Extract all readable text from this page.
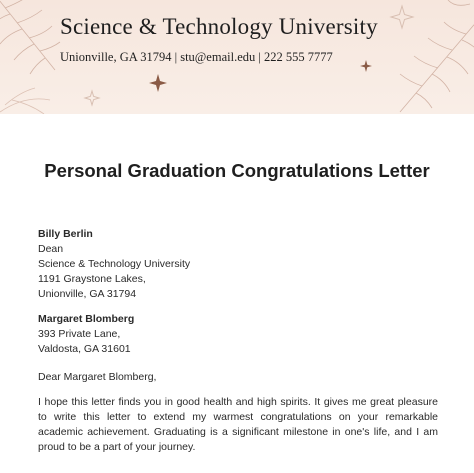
Science & Technology University
Unionville, GA 31794 | stu@email.edu | 222 555 7777
Personal Graduation Congratulations Letter
Billy Berlin
Dean
Science & Technology University
1191 Graystone Lakes,
Unionville, GA 31794
Margaret Blomberg
393 Private Lane,
Valdosta, GA 31601
Dear Margaret Blomberg,

I hope this letter finds you in good health and high spirits. It gives me great pleasure to write this letter to extend my warmest congratulations on your remarkable academic achievement. Graduating is a significant milestone in one's life, and I am proud to be a part of your journey.
